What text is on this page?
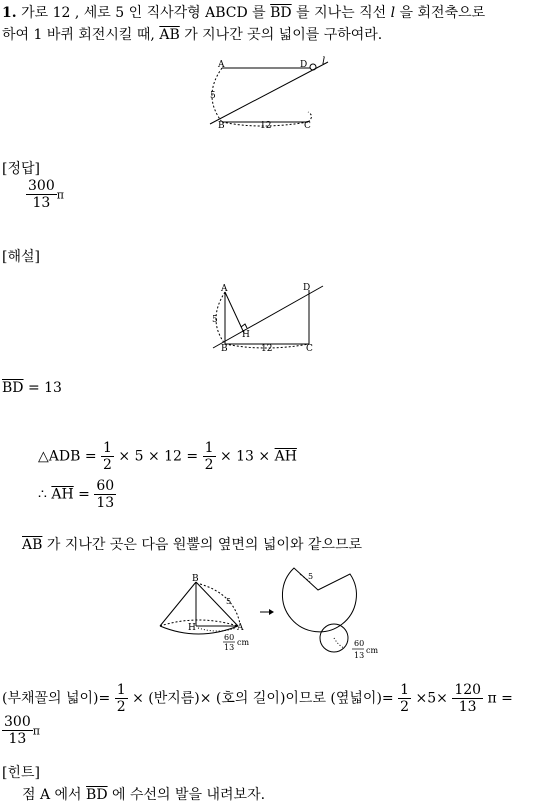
1. 가로 12 , 세로 5 인 직사각형 ABCD 를 $\overline{BD}$ 를 지나는 직선 l 을 회전축으로
하여 1 바퀴 회전시킬 때, $\overline{AB}$ 가 지나간 곳의 넓이를 구하여라.
A	D l
5
B	12	C
[정답]
$\frac{300}{13}$ π
[해설]
A	D
5
H
B	12	C
$\overline{BD} = 13$
△ADB = $\frac{1}{2} \times 5 \times 12 = \frac{1}{2} \times 13 \times \overline{AH}$
∴ $\overline{AH} = \frac{60}{13}$
$\overline{AB}$ 가 지나간 곳은 다음 원뿔의 옆면의 넓이와 같으므로
B
5
H	A
60
13
cm
5
60
13
cm
(부채꼴의 넓이)= $\frac{1}{2}$ × (반지름)× (호의 길이)이므로 (옆넓이)= $\frac{1}{2} \times 5\times \frac{120}{13}$ π =
$\frac{300}{13}$ π
[힌트]
점 A 에서 $\overline{BD}$ 에 수선의 발을 내려보자.
